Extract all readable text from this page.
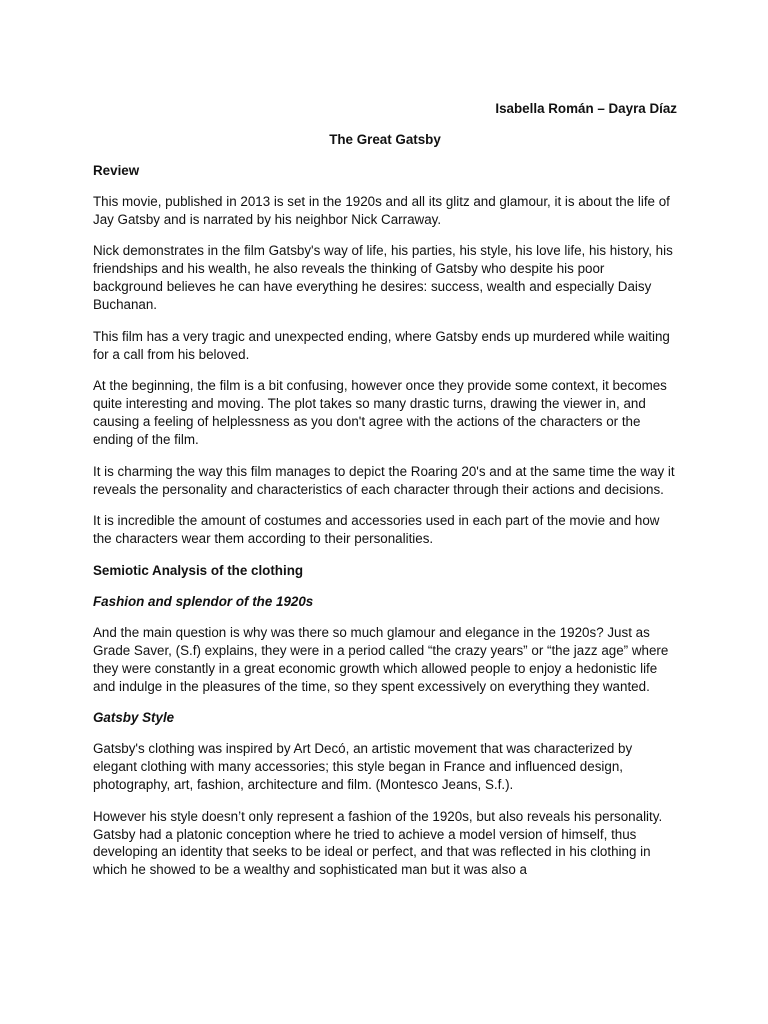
Isabella Román – Dayra Díaz

The Great Gatsby

Review

This movie, published in 2013 is set in the 1920s and all its glitz and glamour, it is about the life of Jay Gatsby and is narrated by his neighbor Nick Carraway.

Nick demonstrates in the film Gatsby's way of life, his parties, his style, his love life, his history, his friendships and his wealth, he also reveals the thinking of Gatsby who despite his poor background believes he can have everything he desires: success, wealth and especially Daisy Buchanan.

This film has a very tragic and unexpected ending, where Gatsby ends up murdered while waiting for a call from his beloved.

At the beginning, the film is a bit confusing, however once they provide some context, it becomes quite interesting and moving. The plot takes so many drastic turns, drawing the viewer in, and causing a feeling of helplessness as you don't agree with the actions of the characters or the ending of the film.

It is charming the way this film manages to depict the Roaring 20's and at the same time the way it reveals the personality and characteristics of each character through their actions and decisions.

It is incredible the amount of costumes and accessories used in each part of the movie and how the characters wear them according to their personalities.

Semiotic Analysis of the clothing

Fashion and splendor of the 1920s

And the main question is why was there so much glamour and elegance in the 1920s? Just as Grade Saver, (S.f) explains, they were in a period called “the crazy years” or “the jazz age” where they were constantly in a great economic growth which allowed people to enjoy a hedonistic life and indulge in the pleasures of the time, so they spent excessively on everything they wanted.

Gatsby Style

Gatsby's clothing was inspired by Art Decó, an artistic movement that was characterized by elegant clothing with many accessories; this style began in France and influenced design, photography, art, fashion, architecture and film. (Montesco Jeans, S.f.).

However his style doesn’t only represent a fashion of the 1920s, but also reveals his personality. Gatsby had a platonic conception where he tried to achieve a model version of himself, thus developing an identity that seeks to be ideal or perfect, and that was reflected in his clothing in which he showed to be a wealthy and sophisticated man but it was also a
